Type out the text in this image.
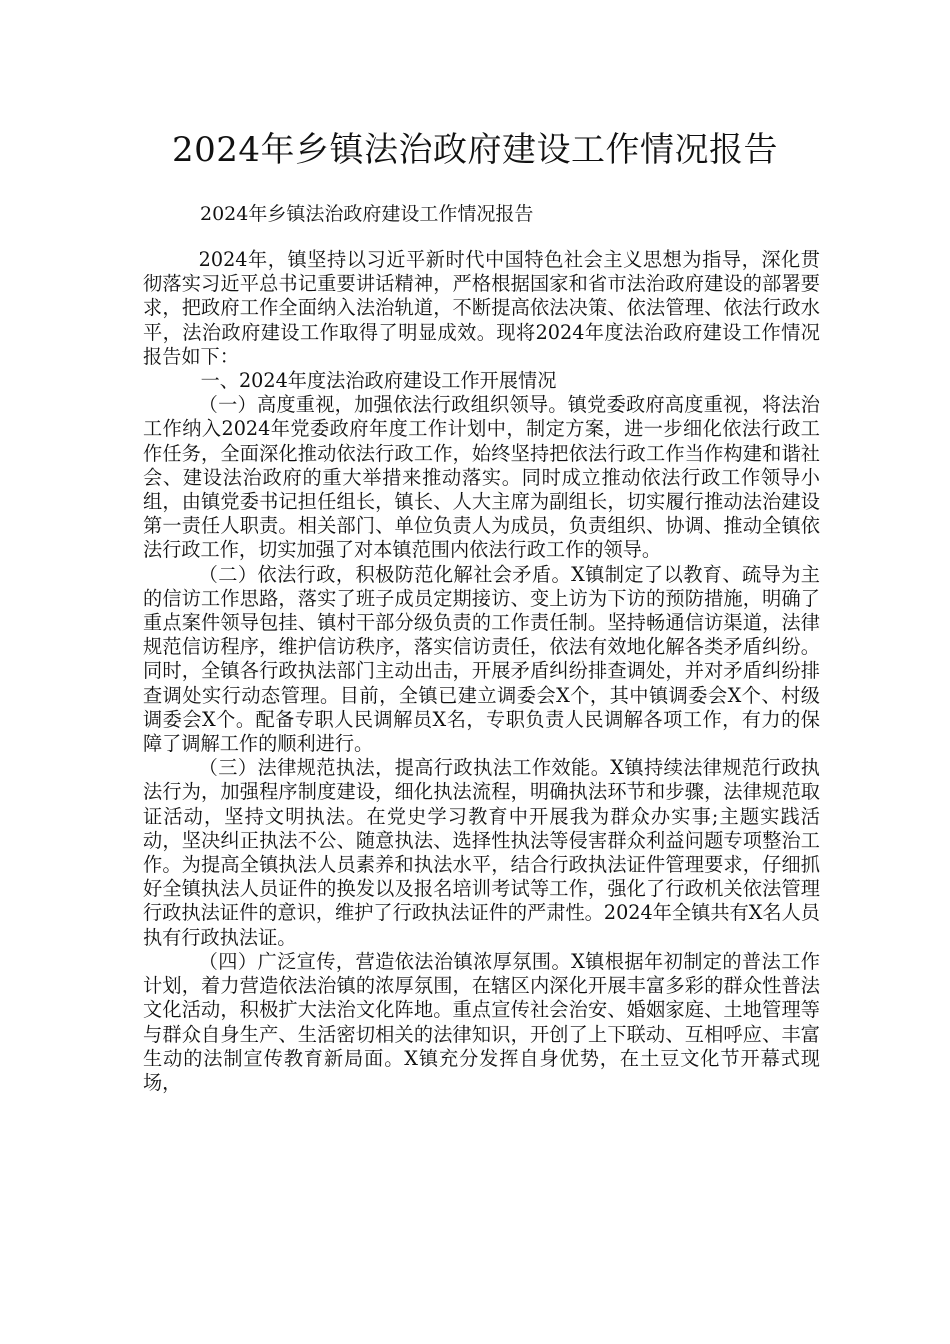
2024年乡镇法治政府建设工作情况报告

2024年乡镇法治政府建设工作情况报告

2024年，镇坚持以习近平新时代中国特色社会主义思想为指导，深化贯彻落实习近平总书记重要讲话精神，严格根据国家和省市法治政府建设的部署要求，把政府工作全面纳入法治轨道，不断提高依法决策、依法管理、依法行政水平，法治政府建设工作取得了明显成效。现将2024年度法治政府建设工作情况报告如下：

一、2024年度法治政府建设工作开展情况

（一）高度重视，加强依法行政组织领导。镇党委政府高度重视，将法治工作纳入2024年党委政府年度工作计划中，制定方案，进一步细化依法行政工作任务，全面深化推动依法行政工作，始终坚持把依法行政工作当作构建和谐社会、建设法治政府的重大举措来推动落实。同时成立推动依法行政工作领导小组，由镇党委书记担任组长，镇长、人大主席为副组长，切实履行推动法治建设第一责任人职责。相关部门、单位负责人为成员，负责组织、协调、推动全镇依法行政工作，切实加强了对本镇范围内依法行政工作的领导。

（二）依法行政，积极防范化解社会矛盾。X镇制定了以教育、疏导为主的信访工作思路，落实了班子成员定期接访、变上访为下访的预防措施，明确了重点案件领导包挂、镇村干部分级负责的工作责任制。坚持畅通信访渠道，法律规范信访程序，维护信访秩序，落实信访责任，依法有效地化解各类矛盾纠纷。同时，全镇各行政执法部门主动出击，开展矛盾纠纷排查调处，并对矛盾纠纷排查调处实行动态管理。目前，全镇已建立调委会X个，其中镇调委会X个、村级调委会X个。配备专职人民调解员X名，专职负责人民调解各项工作，有力的保障了调解工作的顺利进行。

（三）法律规范执法，提高行政执法工作效能。X镇持续法律规范行政执法行为，加强程序制度建设，细化执法流程，明确执法环节和步骤，法律规范取证活动，坚持文明执法。在党史学习教育中开展我为群众办实事;主题实践活动，坚决纠正执法不公、随意执法、选择性执法等侵害群众利益问题专项整治工作。为提高全镇执法人员素养和执法水平，结合行政执法证件管理要求，仔细抓好全镇执法人员证件的换发以及报名培训考试等工作，强化了行政机关依法管理行政执法证件的意识，维护了行政执法证件的严肃性。2024年全镇共有X名人员执有行政执法证。

（四）广泛宣传，营造依法治镇浓厚氛围。X镇根据年初制定的普法工作计划，着力营造依法治镇的浓厚氛围，在辖区内深化开展丰富多彩的群众性普法文化活动，积极扩大法治文化阵地。重点宣传社会治安、婚姻家庭、土地管理等与群众自身生产、生活密切相关的法律知识，开创了上下联动、互相呼应、丰富生动的法制宣传教育新局面。X镇充分发挥自身优势，在土豆文化节开幕式现场，
